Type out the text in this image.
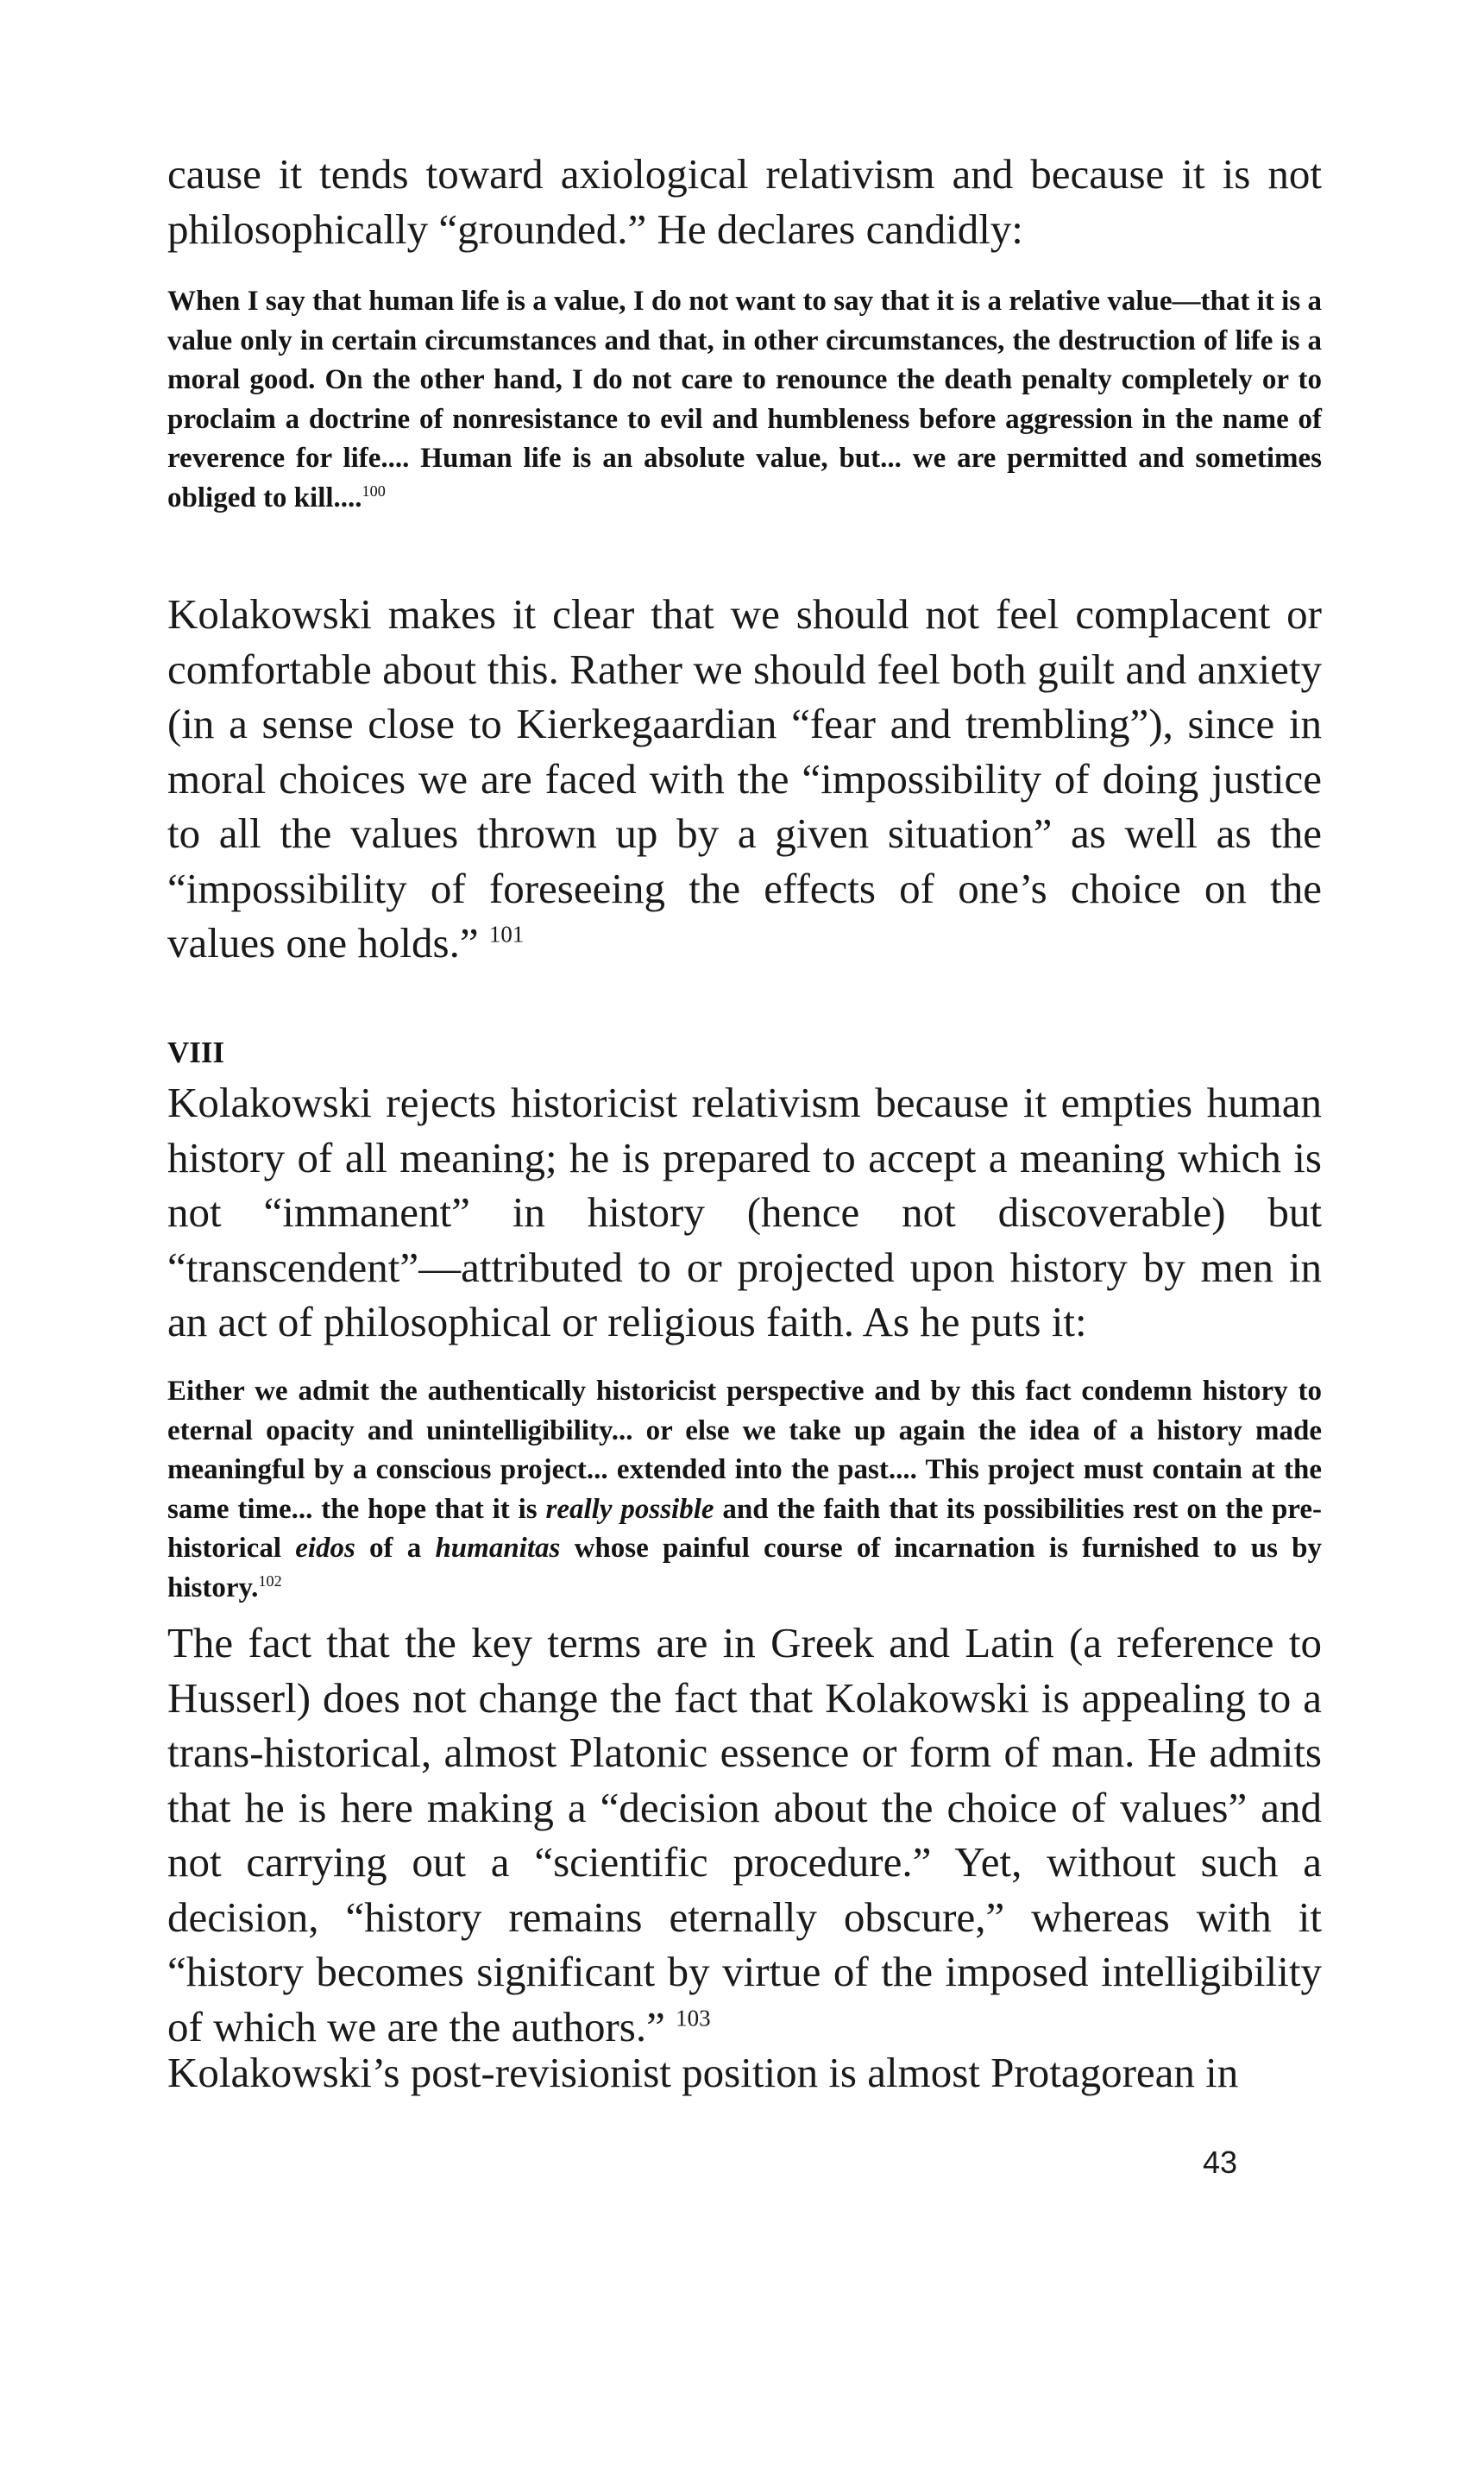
cause it tends toward axiological relativism and because it is not philosophically “grounded.” He declares candidly:

When I say that human life is a value, I do not want to say that it is a relative value—that it is a value only in certain circumstances and that, in other circumstances, the destruction of life is a moral good. On the other hand, I do not care to renounce the death penalty completely or to proclaim a doctrine of nonresistance to evil and humbleness before aggression in the name of reverence for life.... Human life is an absolute value, but... we are permitted and sometimes obliged to kill....$^{100}$

Kolakowski makes it clear that we should not feel complacent or comfortable about this. Rather we should feel both guilt and anxiety (in a sense close to Kierkegaardian “fear and trembling”), since in moral choices we are faced with the “impossibility of doing justice to all the values thrown up by a given situation” as well as the “impossibility of foreseeing the effects of one’s choice on the values one holds.” $^{101}$

VIII

Kolakowski rejects historicist relativism because it empties human history of all meaning; he is prepared to accept a meaning which is not “immanent” in history (hence not discoverable) but “transcendent”—attributed to or projected upon history by men in an act of philosophical or religious faith. As he puts it:

Either we admit the authentically historicist perspective and by this fact condemn history to eternal opacity and unintelligibility... or else we take up again the idea of a history made meaningful by a conscious project... extended into the past.... This project must contain at the same time... the hope that it is really possible and the faith that its possibilities rest on the pre-historical eidos of a humanitas whose painful course of incarnation is furnished to us by history.$^{102}$

The fact that the key terms are in Greek and Latin (a reference to Husserl) does not change the fact that Kolakowski is appealing to a trans-historical, almost Platonic essence or form of man. He admits that he is here making a “decision about the choice of values” and not carrying out a “scientific procedure.” Yet, without such a decision, “history remains eternally obscure,” whereas with it “history becomes significant by virtue of the imposed intelligibility of which we are the authors.” $^{103}$

Kolakowski’s post-revisionist position is almost Protagorean in

43
